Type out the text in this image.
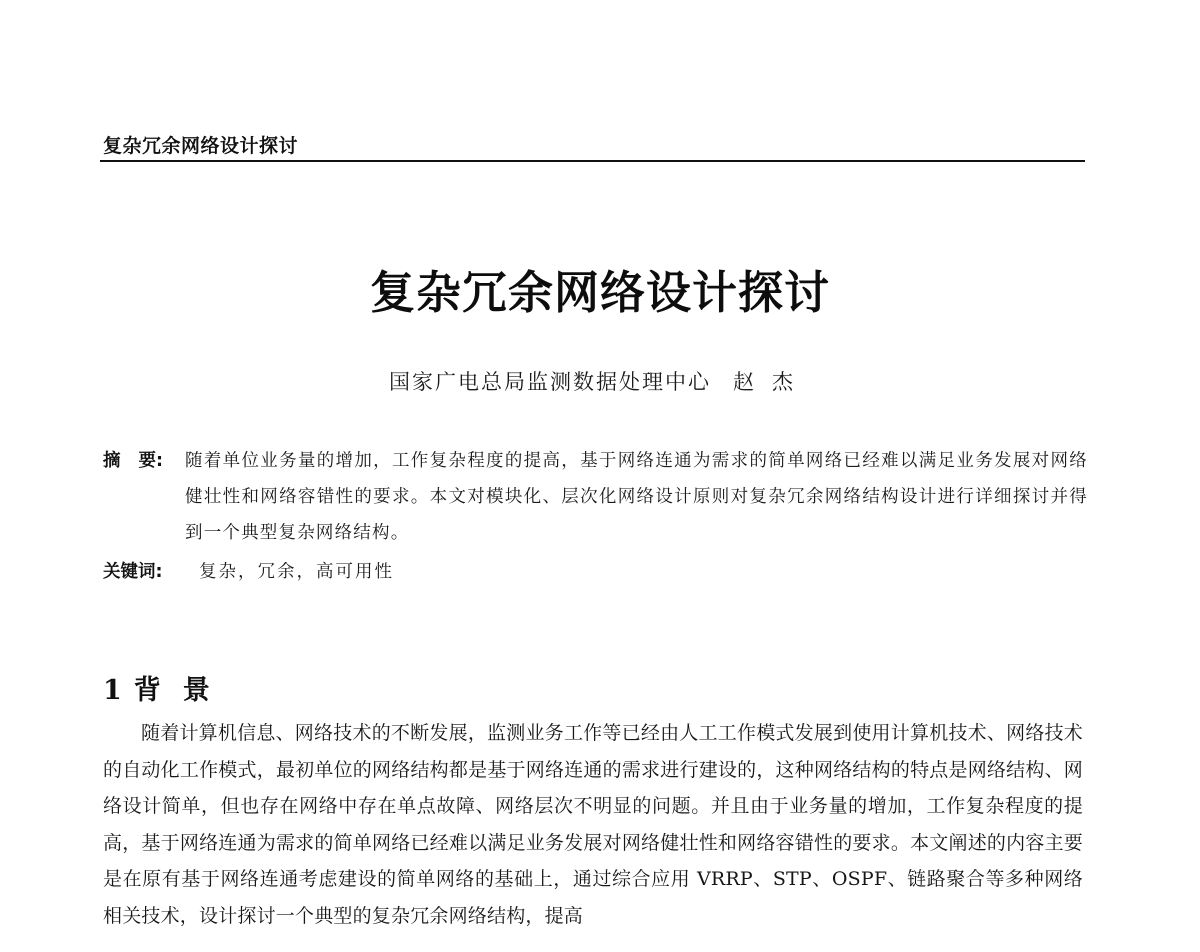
复杂冗余网络设计探讨
复杂冗余网络设计探讨
国家广电总局监测数据处理中心 赵杰
摘 要:	随着单位业务量的增加，工作复杂程度的提高，基于网络连通为需求的简单网络已经难以满足业务发展对网络健壮性和网络容错性的要求。本文对模块化、层次化网络设计原则对复杂冗余网络结构设计进行详细探讨并得到一个典型复杂网络结构。
关键词:	复杂，冗余，高可用性
1 背景
随着计算机信息、网络技术的不断发展，监测业务工作等已经由人工工作模式发展到使用计算机技术、网络技术的自动化工作模式，最初单位的网络结构都是基于网络连通的需求进行建设的，这种网络结构的特点是网络结构、网络设计简单，但也存在网络中存在单点故障、网络层次不明显的问题。并且由于业务量的增加，工作复杂程度的提高，基于网络连通为需求的简单网络已经难以满足业务发展对网络健壮性和网络容错性的要求。本文阐述的内容主要是在原有基于网络连通考虑建设的简单网络的基础上，通过综合应用 VRRP、STP、OSPF、链路聚合等多种网络相关技术，设计探讨一个典型的复杂冗余网络结构，提高
